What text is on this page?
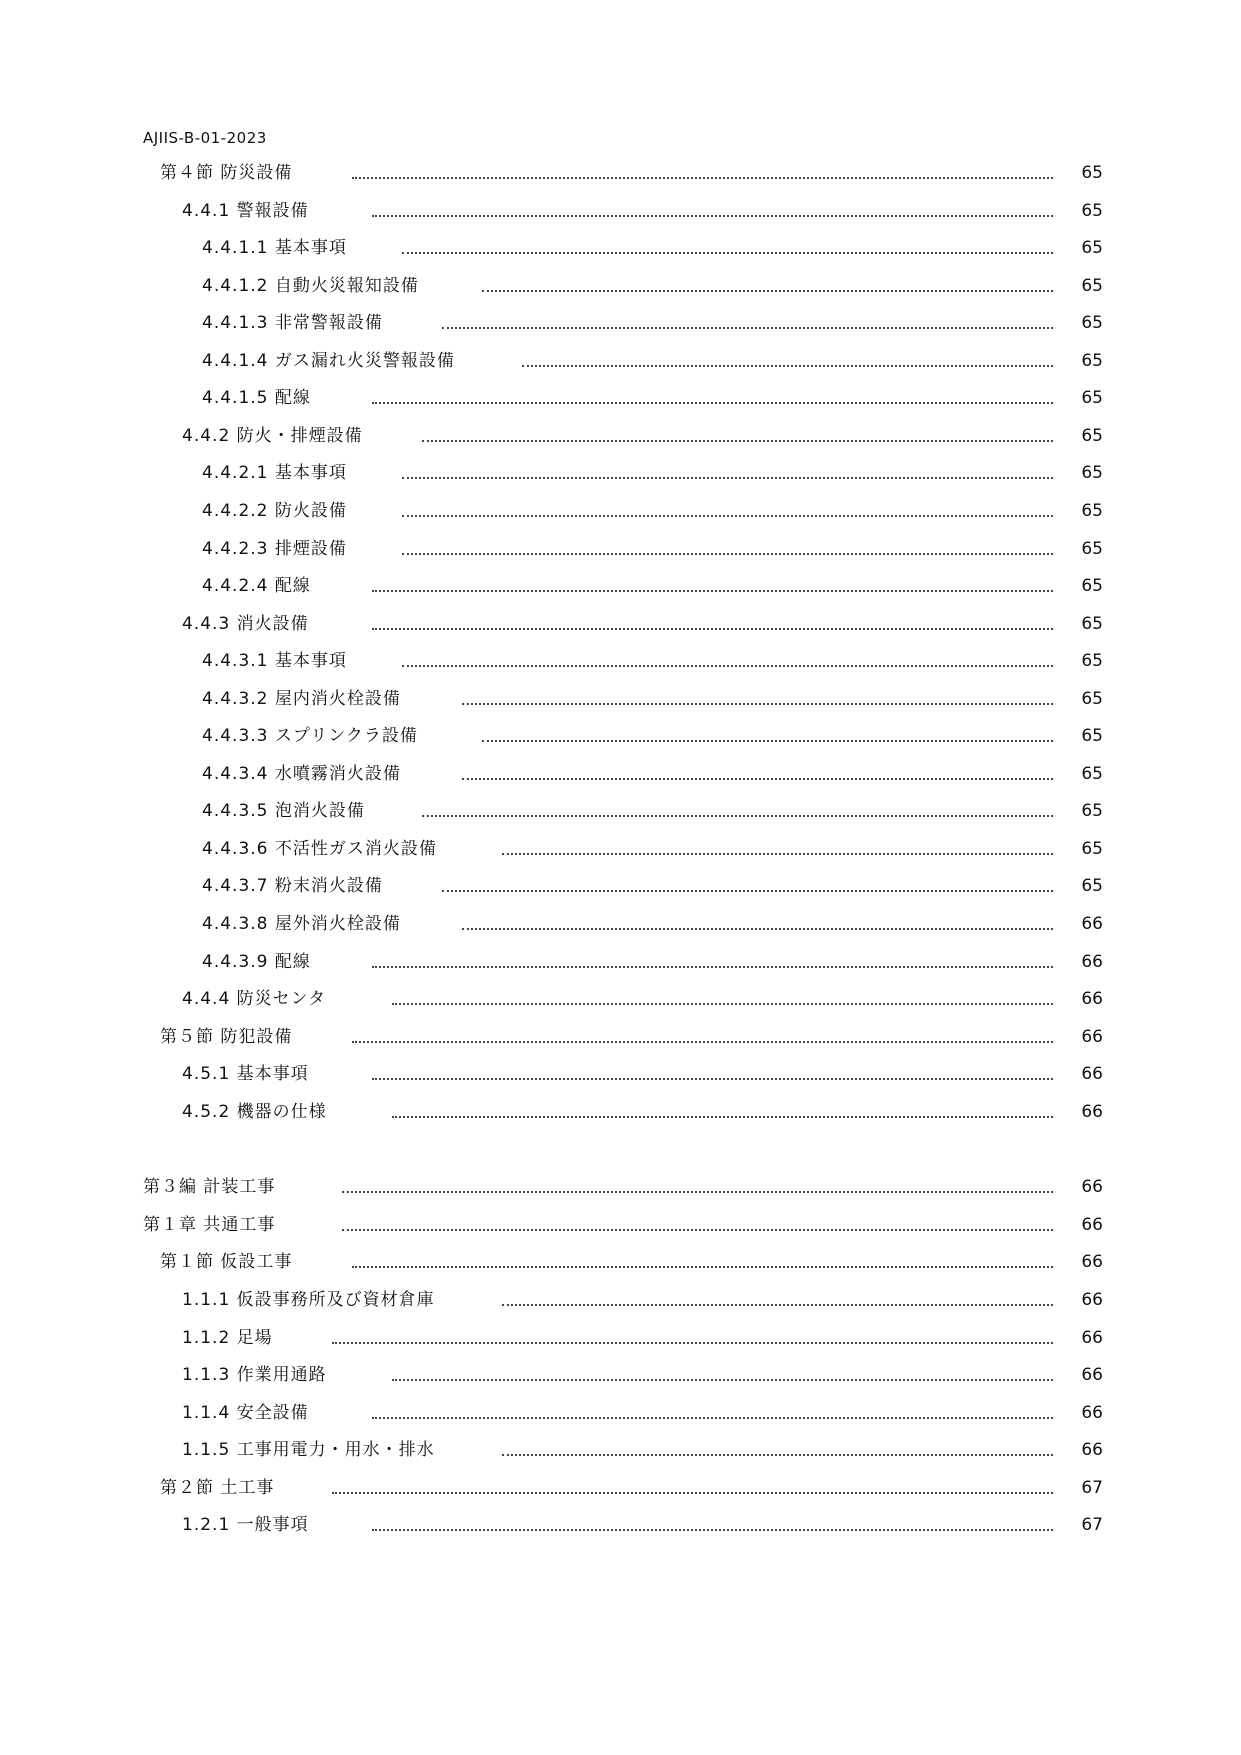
AJIIS-B-01-2023
第４節 防災設備	65
4.4.1 警報設備	65
4.4.1.1 基本事項	65
4.4.1.2 自動火災報知設備	65
4.4.1.3 非常警報設備	65
4.4.1.4 ガス漏れ火災警報設備	65
4.4.1.5 配線	65
4.4.2 防火・排煙設備	65
4.4.2.1 基本事項	65
4.4.2.2 防火設備	65
4.4.2.3 排煙設備	65
4.4.2.4 配線	65
4.4.3 消火設備	65
4.4.3.1 基本事項	65
4.4.3.2 屋内消火栓設備	65
4.4.3.3 スプリンクラ設備	65
4.4.3.4 水噴霧消火設備	65
4.4.3.5 泡消火設備	65
4.4.3.6 不活性ガス消火設備	65
4.4.3.7 粉末消火設備	65
4.4.3.8 屋外消火栓設備	66
4.4.3.9 配線	66
4.4.4 防災センタ	66
第５節 防犯設備	66
4.5.1 基本事項	66
4.5.2 機器の仕様	66
第３編 計装工事	66
第１章 共通工事	66
第１節 仮設工事	66
1.1.1 仮設事務所及び資材倉庫	66
1.1.2 足場	66
1.1.3 作業用通路	66
1.1.4 安全設備	66
1.1.5 工事用電力・用水・排水	66
第２節 土工事	67
1.2.1 一般事項	67
